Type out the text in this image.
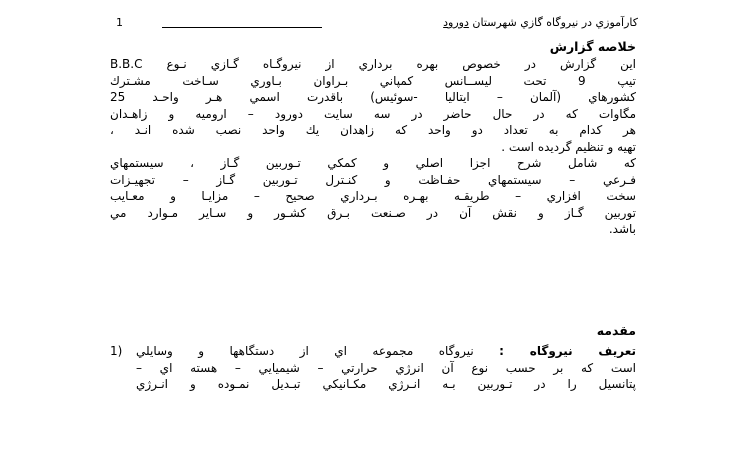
1	كارآموزي در نيروگاه گازي شهرستان دورود
خلاصه گزارش
اين گزارش در خصوص بهره برداري از نيروگـاه گـازي نـوع B.B.C
تيپ 9 تحت ليســانس كمپاني بـراوان بـاوري سـاخت مشـترك
كشورهاي (آلمان – ايتاليا -سوئيس) باقدرت اسمي هـر واحـد 25
مگاوات كه در حال حاضر در سه سايت دورود – اروميه و زاهـدان
هر كدام به تعداد دو واحد كه زاهدان يك واحد نصب شده انـد ،
تهيه و تنظيم گرديده است .
كه شامل شرح اجزا اصلي و كمكي تـوربين گـاز ، سيستمهاي
فـرعي – سيستمهاي حفـاظت و كنـترل تـوربين گـاز – تجهيـزات
سخت افزاري – طريقـه بهـره بـرداري صحيح – مزايـا و معـايب
توربين گـاز و نقش آن در صـنعت بـرق كشـور و سـاير مـوارد مي
باشد.
مقدمه
1)	تعريف نيروگاه : نيروگاه مجموعه اي از دستگاهها و وسايلي
است كه بر حسب نوع آن انرژي حرارتي – شيميايي – هسته اي –
پتانسيل را در تـوربين بـه انـرژي مكـانيكي تبـديل نمـوده و انـرژي
